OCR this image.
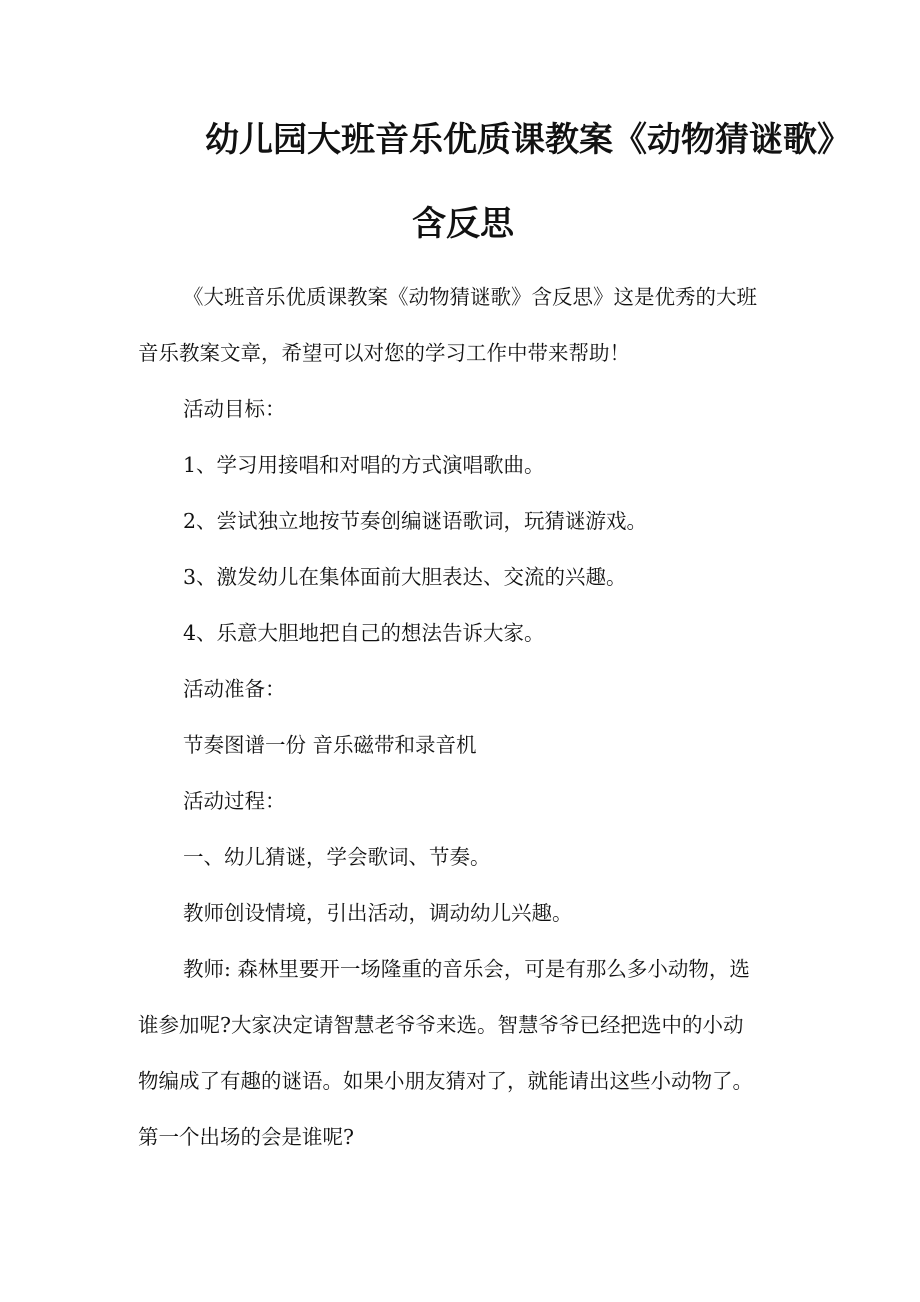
幼儿园大班音乐优质课教案《动物猜谜歌》
含反思
《大班音乐优质课教案《动物猜谜歌》含反思》这是优秀的大班
音乐教案文章，希望可以对您的学习工作中带来帮助！
活动目标：
1、学习用接唱和对唱的方式演唱歌曲。
2、尝试独立地按节奏创编谜语歌词，玩猜谜游戏。
3、激发幼儿在集体面前大胆表达、交流的兴趣。
4、乐意大胆地把自己的想法告诉大家。
活动准备：
节奏图谱一份 音乐磁带和录音机
活动过程：
一、幼儿猜谜，学会歌词、节奏。
教师创设情境，引出活动，调动幼儿兴趣。
教师: 森林里要开一场隆重的音乐会，可是有那么多小动物，选
谁参加呢?大家决定请智慧老爷爷来选。智慧爷爷已经把选中的小动
物编成了有趣的谜语。如果小朋友猜对了，就能请出这些小动物了。
第一个出场的会是谁呢?
